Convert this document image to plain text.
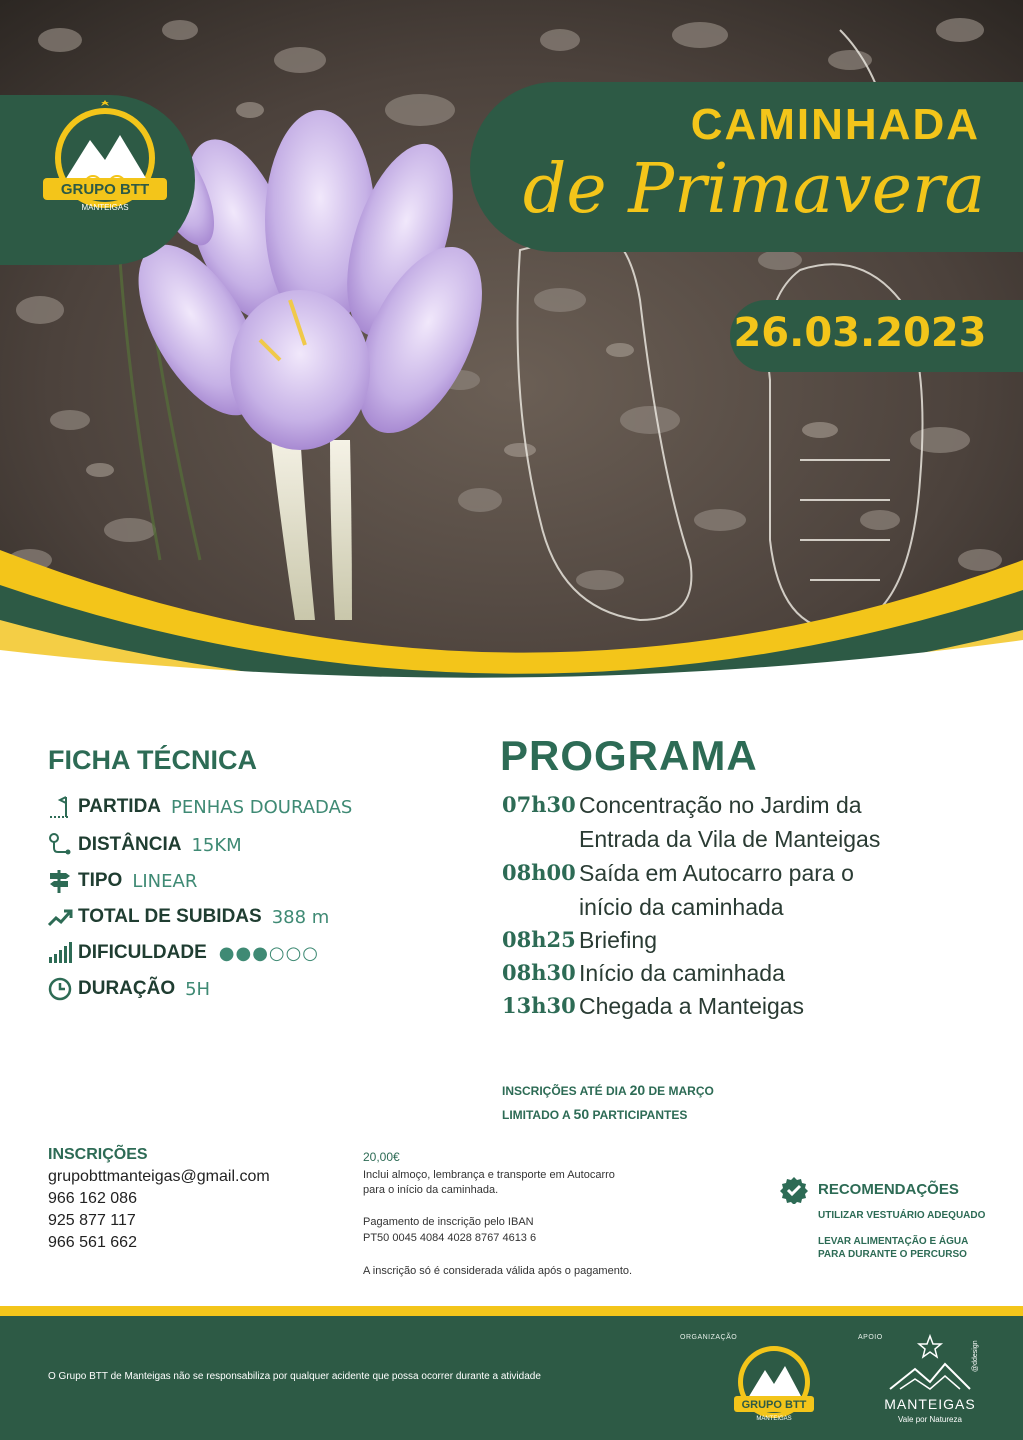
GRUPO BTT
MANTEIGAS
CAMINHADA
de Primavera
26.03.2023
FICHA TÉCNICA
PARTIDA PENHAS DOURADAS
DISTÂNCIA 15KM
TIPO LINEAR
TOTAL DE SUBIDAS 388 m
DIFICULDADE ●●●○○○
DURAÇÃO 5H
PROGRAMA
07h30 Concentração no Jardim da Entrada da Vila de Manteigas
08h00 Saída em Autocarro para o início da caminhada
08h25 Briefing
08h30 Início da caminhada
13h30 Chegada a Manteigas
INSCRIÇÕES ATÉ DIA 20 DE MARÇO
LIMITADO A 50 PARTICIPANTES
INSCRIÇÕES
grupobttmanteigas@gmail.com
966 162 086
925 877 117
966 561 662
20,00€
Inclui almoço, lembrança e transporte em Autocarro
para o início da caminhada.
Pagamento de inscrição pelo IBAN
PT50 0045 4084 4028 8767 4613 6
A inscrição só é considerada válida após o pagamento.
RECOMENDAÇÕES
UTILIZAR VESTUÁRIO ADEQUADO
LEVAR ALIMENTAÇÃO E ÁGUA
PARA DURANTE O PERCURSO
O Grupo BTT de Manteigas não se responsabiliza por qualquer acidente que possa ocorrer durante a atividade
ORGANIZAÇÃO	APOIO
GRUPO BTT
MANTEIGAS
MANTEIGAS
Vale por Natureza
@ddesign
